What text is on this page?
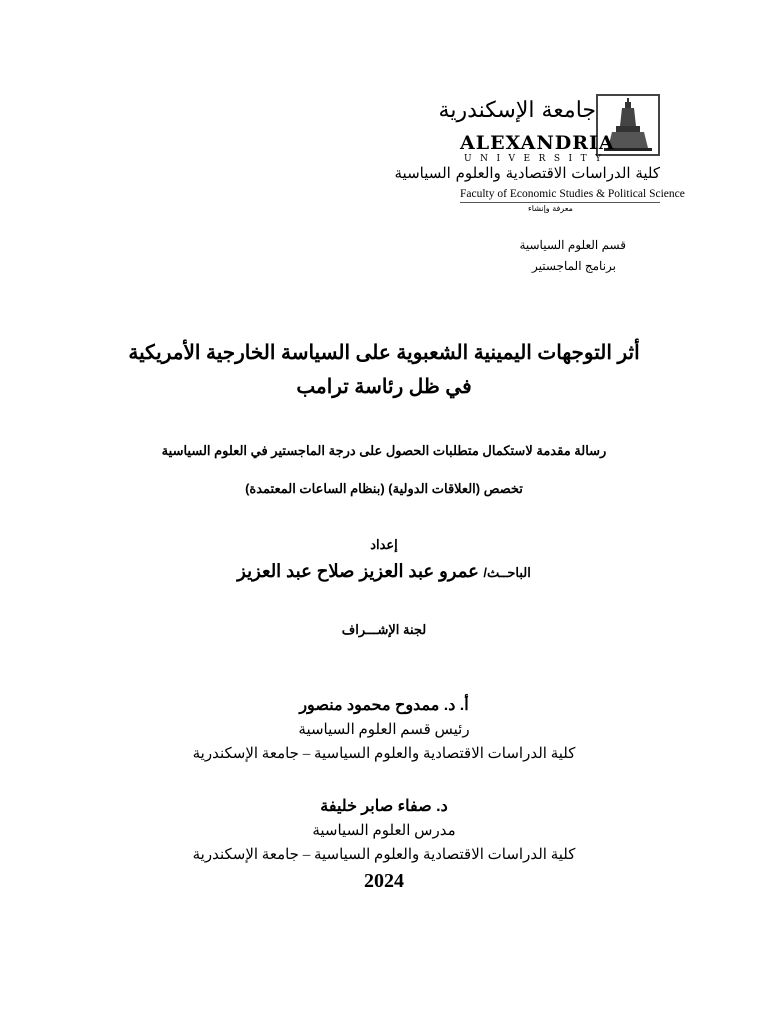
جامعة الإسكندرية
ALEXANDRIA
UNIVERSITY
كلية الدراسات الاقتصادية والعلوم السياسية
Faculty of Economic Studies & Political Science
معرفة وإنشاء
قسم العلوم السياسية
برنامج الماجستير
أثر التوجهات اليمينية الشعبوية على السياسة الخارجية الأمريكية
في ظل رئاسة ترامب
رسالة مقدمة لاستكمال متطلبات الحصول على درجة الماجستير في العلوم السياسية
تخصص (العلاقات الدولية) (بنظام الساعات المعتمدة)
إعداد
الباحــث/ عمرو عبد العزيز صلاح عبد العزيز
لجنة الإشـــراف
أ. د. ممدوح محمود منصور
رئيس قسم العلوم السياسية
كلية الدراسات الاقتصادية والعلوم السياسية – جامعة الإسكندرية
د. صفاء صابر خليفة
مدرس العلوم السياسية
كلية الدراسات الاقتصادية والعلوم السياسية – جامعة الإسكندرية
2024
